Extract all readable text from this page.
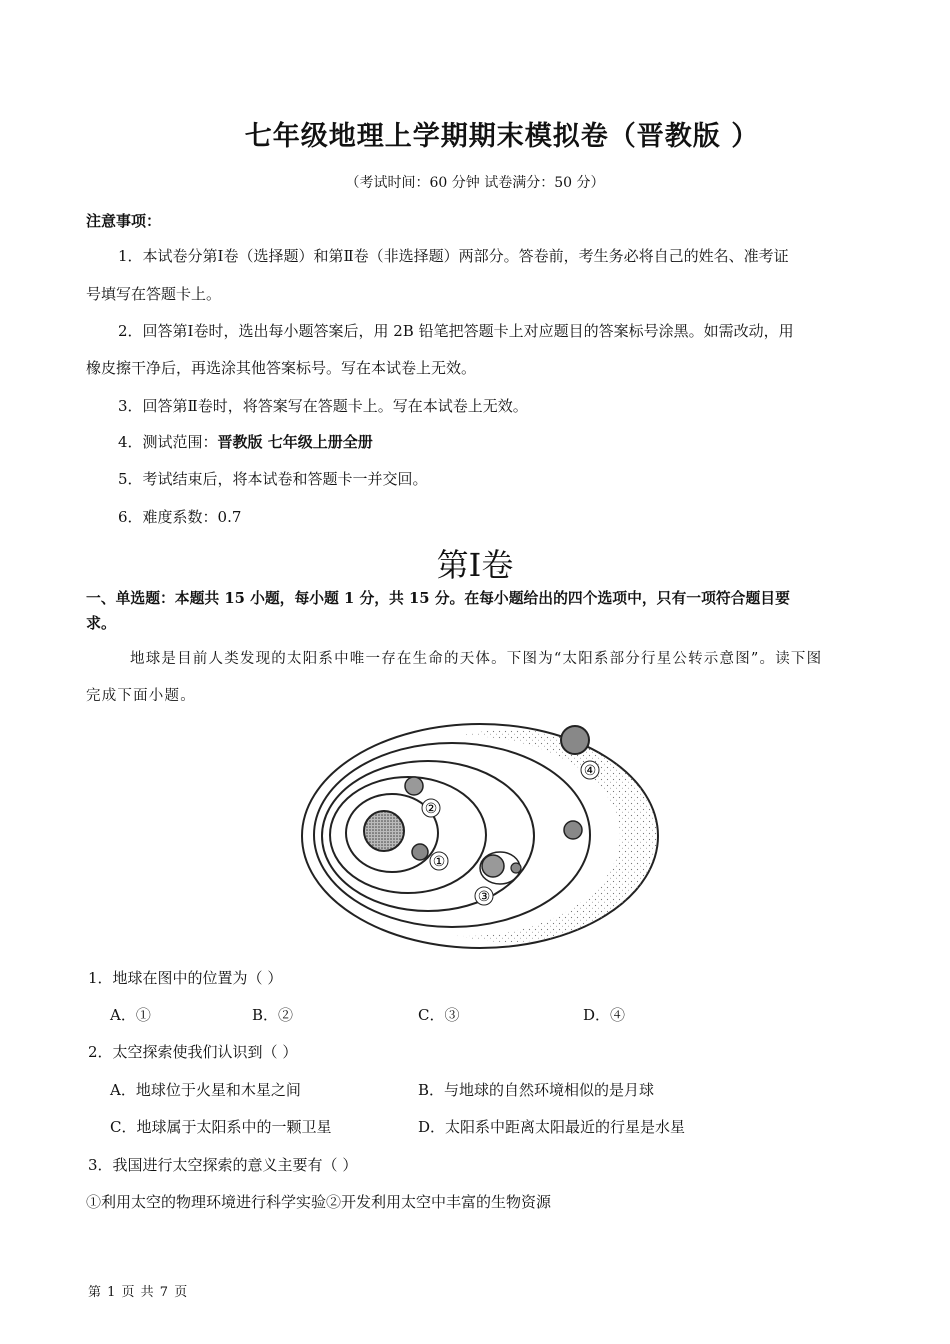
七年级地理上学期期末模拟卷（晋教版 ）
（考试时间：60 分钟 试卷满分：50 分）
注意事项：
1．本试卷分第Ⅰ卷（选择题）和第Ⅱ卷（非选择题）两部分。答卷前，考生务必将自己的姓名、准考证
号填写在答题卡上。
2．回答第Ⅰ卷时，选出每小题答案后，用 2B 铅笔把答题卡上对应题目的答案标号涂黑。如需改动，用
橡皮擦干净后，再选涂其他答案标号。写在本试卷上无效。
3．回答第Ⅱ卷时，将答案写在答题卡上。写在本试卷上无效。
4．测试范围：晋教版 七年级上册全册
5．考试结束后，将本试卷和答题卡一并交回。
6．难度系数：0.7
第Ⅰ卷
一、单选题：本题共 15 小题，每小题 1 分，共 15 分。在每小题给出的四个选项中，只有一项符合题目要
求。
地球是目前人类发现的太阳系中唯一存在生命的天体。下图为“太阳系部分行星公转示意图”。读下图
完成下面小题。
①
②
③
④
1．地球在图中的位置为（ ）
A．①	B．②	C．③	D．④
2．太空探索使我们认识到（ ）
A．地球位于火星和木星之间	B．与地球的自然环境相似的是月球
C．地球属于太阳系中的一颗卫星	D．太阳系中距离太阳最近的行星是水星
3．我国进行太空探索的意义主要有（ ）
①利用太空的物理环境进行科学实验②开发利用太空中丰富的生物资源
第 1 页 共 7 页
